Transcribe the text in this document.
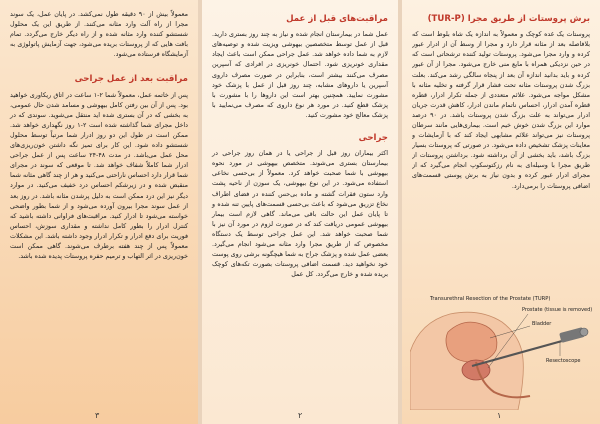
معمولاً بیش از ۹۰ دقیقه طول نمی‌کشد. در پایان عمل، یک سوند مجرا از راه آلت وارد مثانه می‌کنند. از طریق این یک محلول شستشو کننده وارد مثانه شده و از راه دیگر خارج می‌گردد. تمام بافت هایی که از پروستات بریده می‌شود، جهت آزمایش پاتولوژی به آزمایشگاه فرستاده می‌شود.

مراقبت بعد از عمل جراحی

پس از خاتمه عمل، معمولاً شما ۲-۱ ساعت در اتاق ریکاوری خواهید بود. پس از آن بین رفتن کامل بیهوشی و مسامد شدن حال عمومی، به بخشی که در آن بستری شده اید منتقل می‌شوید. سوندی که در داخل مجرای شما گذاشته شده است ۲-۱ روز نگهداری خواهد شد. ممکن است در طول این دو روز ادرار شما مرتباً توسط محلول شستشو داده شود. این کار برای تمیز نگه داشتن خون‌ریزی‌های محل عمل می‌باشد. در مدت ۴۸-۲۴ ساعت پس از عمل جراحی ادرار شما کاملاً شفاف خواهد شد. تا موقعی که سوند در مجرای شما قرار دارد احساس ناراحتی می‌کنید و هر از چند گاهی مثانه شما منقبض شده و در زیرشکم احساس درد خفیف می‌کنید. در موارد دیگر نیز این درد ممکن است به دلیل پرشدن مثانه باشد. در روز بعد از عمل سوند مجرا بیرون آورده می‌شود و از شما بطور واضحی خواسته می‌شود تا ادرار کنید. مراقبت‌های فراوانی داشته باشید که کنترل ادرار را بطور کامل نداشته و مقداری سوزش، احساس فوریت برای دفع ادرار و تکرار ادرار وجود داشته باشد. این مشکلات معمولاً پس از چند هفته برطرف می‌شوند. گاهی ممکن است خون‌ریزی در اثر التهاب و ترمیم حفره پروستات پدیده شده باشد.

۳
مراقبت‌های قبل از عمل

عمل شما در بیمارستان انجام شده و نیاز به چند روز بستری دارید. قبل از عمل توسط متخصصین بیهوشی ویزیت شده و توصیه‌های لازم به شما داده خواهد شد. عمل جراحی ممکن است باعث ایجاد مقداری خونریزی شود. احتمال خونریزی در افرادی که آسپرین مصرف می‌کنند بیشتر است، بنابراین در صورت مصرف داروی آسپرین یا داروهای مشابه، چند روز قبل از عمل با پزشک خود مشورت نمایید. همچنین بهتر است این داروها را با مشورت با پزشک قطع کنید. در مورد هر نوع داروی که مصرف می‌نمایید با پزشک معالج خود مشورت کنید.

جراحی

اکثر بیماران روز قبل از جراحی یا در همان روز جراحی در بیمارستان بستری می‌شوند. متخصص بیهوشی در مورد نحوه بیهوشی با شما صحبت خواهد کرد. معمولاً از بی‌حسی نخاعی استفاده می‌شود. در این نوع بیهوشی، یک سوزن از ناحیه پشت وارد ستون فقرات گشته و ماده بی‌حس کننده در فضای اطراف نخاع تزریق می‌شود که باعث بی‌حسی قسمت‌های پایین تنه شده و تا پایان عمل این حالت باقی می‌ماند. گاهی لازم است بیمار بیهوشی عمومی دریافت کند که در صورت لزوم در مورد آن نیز با شما صحبت خواهد شد. این عمل جراحی توسط یک دستگاه مخصوص که از طریق مجرا وارد مثانه می‌شود انجام می‌گیرد. بعضی عمل شده و پزشک جراح به شما هیچگونه برشی روی پوست خود نخواهید دید. قسمت اضافی پروستات بصورت تکه‌های کوچک بریده شده و خارج می‌گردد. کل عمل

۲
برش پروستات از طریق مجرا (TUR-P)

پروستات یک غده کوچک و معمولاً به اندازه یک شاه بلوط است که بلافاصله بعد از مثانه قرار دارد و مجرا از وسط آن از ادرار عبور کرده و وارد مجرا می‌شود. پروستات تولید کننده ترشحاتی است که در حین نزدیکی همراه با مایع منی خارج می‌شود. مجرا از آن عبور کرده و باید بدانید اندازه آن بعد از پنجاه سالگی رشد می‌کند. بعلت بزرگ شدن پروستات مثانه تحت فشار قرار گرفته و تخلیه مثانه با مشکل مواجه می‌شود. علائم متعددی از جمله تکرار ادرار، قطره قطره آمدن ادرار، احساس ناتمام ماندن ادرار، کاهش قدرت جریان ادرار می‌تواند به علت بزرگ شدن پروستات باشد. در ۹۰ درصد موارد این بزرگ شدن خوش خیم است. بیماری‌هایی مانند سرطان پروستات نیز می‌تواند علائم مشابهی ایجاد کند که با آزمایشات و معاینات پزشک تشخیص داده می‌شود. در صورتی که پروستات بسیار بزرگ باشد، باید بخشی از آن برداشته شود. برداشتن پروستات از طریق مجرا با وسیله‌ای به نام رزکتوسکوپ انجام می‌گیرد که از مجرای ادرار عبور کرده و بدون نیاز به برش پوستی قسمت‌های اضافی پروستات را برمی‌دارد.

۱
Transurethral Resection of the Prostate (TURP)
Prostate (tissue is removed)
Bladder
Resectoscope
